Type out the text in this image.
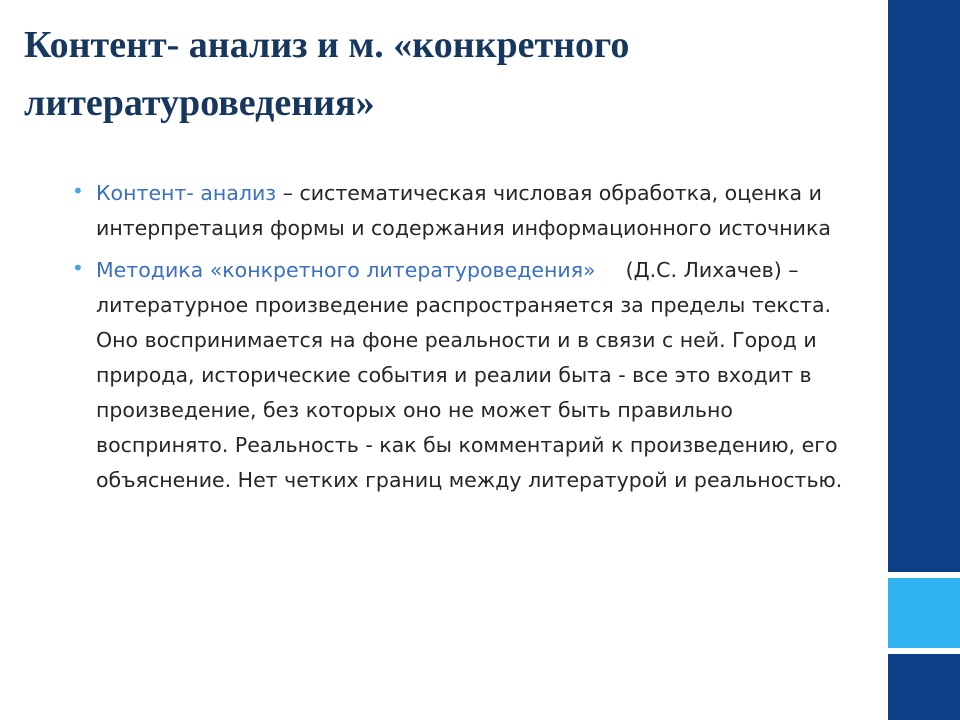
Контент- анализ и м. «конкретного литературоведения»
• Контент- анализ – систематическая числовая обработка, оценка и интерпретация формы и содержания информационного источника
• Методика «конкретного литературоведения» (Д.С. Лихачев) – литературное произведение распространяется за пределы текста. Оно воспринимается на фоне реальности и в связи с ней. Город и природа, исторические события и реалии быта - все это входит в произведение, без которых оно не может быть правильно воспринято. Реальность - как бы комментарий к произведению, его объяснение. Нет четких границ между литературой и реальностью.
